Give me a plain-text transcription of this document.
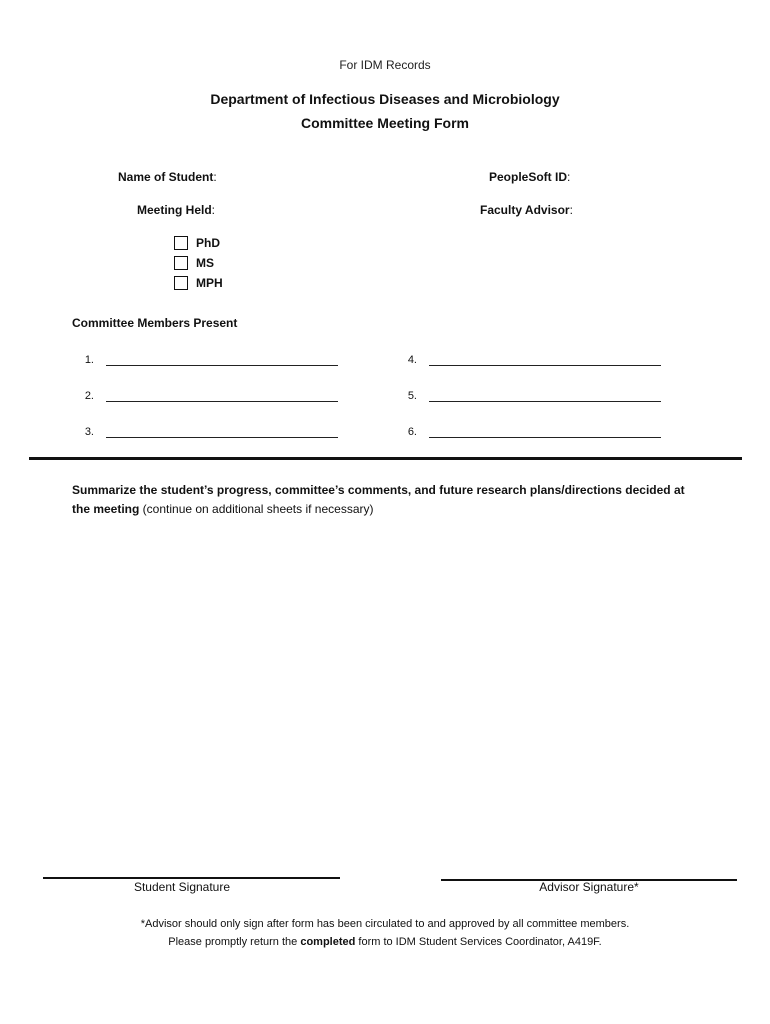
For IDM Records
Department of Infectious Diseases and Microbiology
Committee Meeting Form
Name of Student:	PeopleSoft ID:
Meeting Held:	Faculty Advisor:
PhD
MS
MPH
Committee Members Present
1.
2.
3.
4.
5.
6.
Summarize the student’s progress, committee’s comments, and future research plans/directions decided at
the meeting (continue on additional sheets if necessary)
Student Signature	Advisor Signature*
*Advisor should only sign after form has been circulated to and approved by all committee members.
Please promptly return the completed form to IDM Student Services Coordinator, A419F.
